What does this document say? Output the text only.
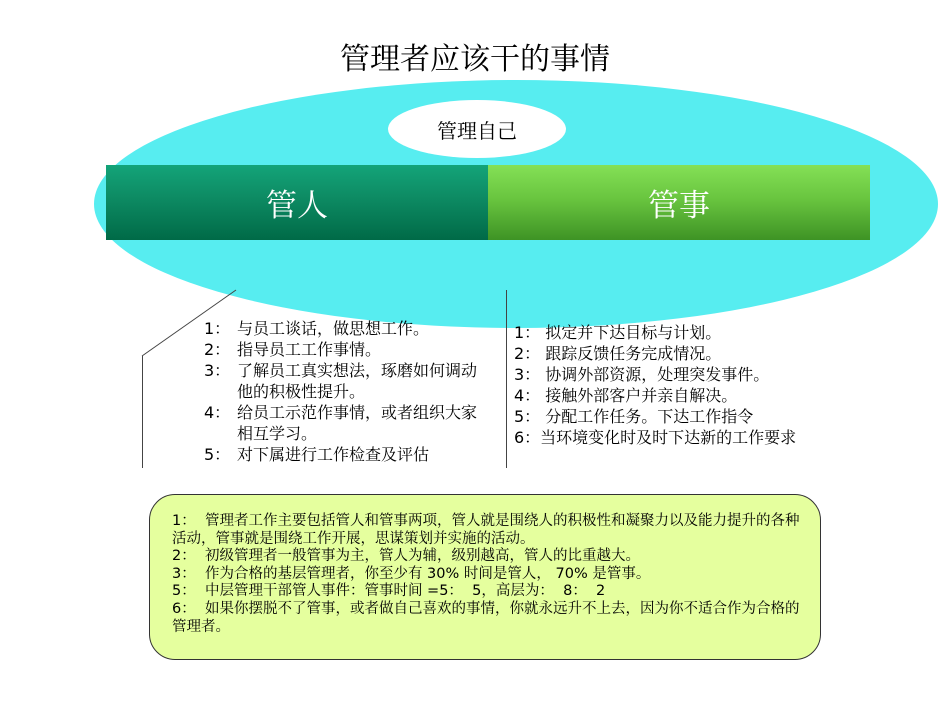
管理者应该干的事情
管理自己
管人	管事
1： 与员工谈话，做思想工作。
2： 指导员工工作事情。
3： 了解员工真实想法，琢磨如何调动他的积极性提升。
4： 给员工示范作事情，或者组织大家相互学习。
5： 对下属进行工作检查及评估
1： 拟定并下达目标与计划。
2： 跟踪反馈任务完成情况。
3： 协调外部资源，处理突发事件。
4： 接触外部客户并亲自解决。
5： 分配工作任务。下达工作指令
6：当环境变化时及时下达新的工作要求
1：  管理者工作主要包括管人和管事两项，管人就是围绕人的积极性和凝聚力以及能力提升的各种活动，管事就是围绕工作开展，思谋策划并实施的活动。
2：  初级管理者一般管事为主，管人为辅，级别越高，管人的比重越大。
3：  作为合格的基层管理者，你至少有 30% 时间是管人， 70% 是管事。
5：  中层管理干部管人事件：管事时间 =5：  5，高层为：  8：  2
6：  如果你摆脱不了管事，或者做自己喜欢的事情，你就永远升不上去，因为你不适合作为合格的管理者。
